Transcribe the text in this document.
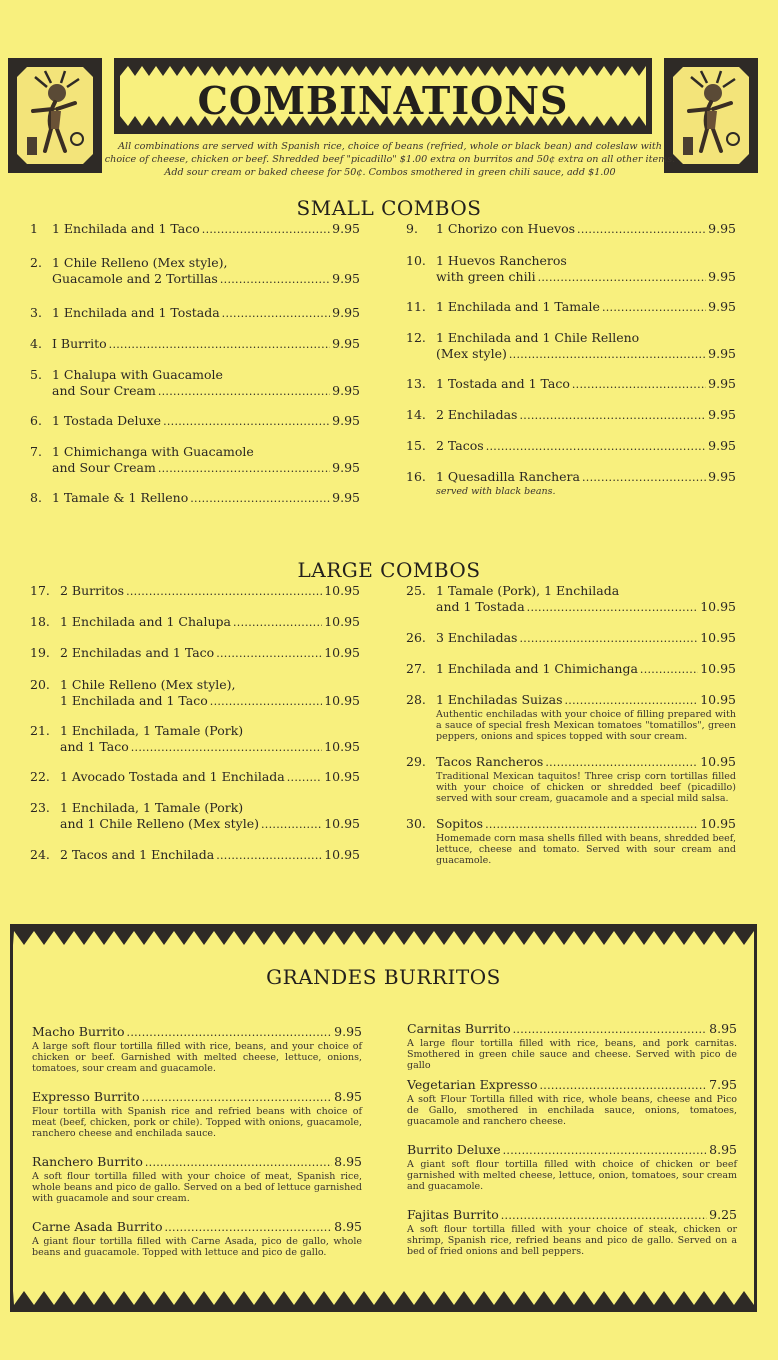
COMBINATIONS
All combinations are served with Spanish rice, choice of beans (refried, whole or black bean) and coleslaw with
choice of cheese, chicken or beef. Shredded beef "picadillo" $1.00 extra on burritos and 50¢ extra on all other items.
Add sour cream or baked cheese for 50¢. Combos smothered in green chili sauce, add $1.00
SMALL COMBOS
1 1 Enchilada and 1 Taco . . .	9.95
2. 1 Chile Relleno (Mex style),
Guacamole and 2 Tortillas . . .	9.95
3. 1 Enchilada and 1 Tostada . . .	9.95
4. I Burrito . . .	9.95
5. 1 Chalupa with Guacamole
and Sour Cream . . .	9.95
6. 1 Tostada Deluxe . . .	9.95
7. 1 Chimichanga with Guacamole
and Sour Cream . . .	9.95
8. 1 Tamale & 1 Relleno . . .	9.95
9. 1 Chorizo con Huevos . . .	9.95
10. 1 Huevos Rancheros
with green chili . . .	9.95
11. 1 Enchilada and 1 Tamale . . .	9.95
12. 1 Enchilada and 1 Chile Relleno
(Mex style) . . .	9.95
13. 1 Tostada and 1 Taco . . .	9.95
14. 2 Enchiladas . . .	9.95
15. 2 Tacos . . .	9.95
16. 1 Quesadilla Ranchera . . .	9.95
served with black beans.
LARGE COMBOS
17. 2 Burritos . . .	10.95
18. 1 Enchilada and 1 Chalupa . . .	10.95
19. 2 Enchiladas and 1 Taco . . .	10.95
20. 1 Chile Relleno (Mex style),
1 Enchilada and 1 Taco . . .	10.95
21. 1 Enchilada, 1 Tamale (Pork)
and 1 Taco . . .	10.95
22. 1 Avocado Tostada and 1 Enchilada . . .	10.95
23. 1 Enchilada, 1 Tamale (Pork)
and 1 Chile Relleno (Mex style) . . .	10.95
24. 2 Tacos and 1 Enchilada . . .	10.95
25. 1 Tamale (Pork), 1 Enchilada
and 1 Tostada . . .	10.95
26. 3 Enchiladas . . .	10.95
27. 1 Enchilada and 1 Chimichanga . . .	10.95
28. 1 Enchiladas Suizas . . .	10.95
Authentic enchiladas with your choice of filling prepared with a sauce of special fresh Mexican tomatoes "tomatillos", green peppers, onions and spices topped with sour cream.
29. Tacos Rancheros . . .	10.95
Traditional Mexican taquitos! Three crisp corn tortillas filled with your choice of chicken or shredded beef (picadillo) served with sour cream, guacamole and a special mild salsa.
30. Sopitos . . .	10.95
Homemade corn masa shells filled with beans, shredded beef, lettuce, cheese and tomato. Served with sour cream and guacamole.
GRANDES BURRITOS
Macho Burrito . . .	9.95
A large soft flour tortilla filled with rice, beans, and your choice of chicken or beef. Garnished with melted cheese, lettuce, onions, tomatoes, sour cream and guacamole.
Expresso Burrito . . .	8.95
Flour tortilla with Spanish rice and refried beans with choice of meat (beef, chicken, pork or chile). Topped with onions, guacamole, ranchero cheese and enchilada sauce.
Ranchero Burrito . . .	8.95
A soft flour tortilla filled with your choice of meat, Spanish rice, whole beans and pico de gallo. Served on a bed of lettuce garnished with guacamole and sour cream.
Carne Asada Burrito . . .	8.95
A giant flour tortilla filled with Carne Asada, pico de gallo, whole beans and guacamole. Topped with lettuce and pico de gallo.
Carnitas Burrito . . .	8.95
A large flour tortilla filled with rice, beans, and pork carnitas. Smothered in green chile sauce and cheese. Served with pico de gallo
Vegetarian Expresso . . .	7.95
A soft Flour Tortilla filled with rice, whole beans, cheese and Pico de Gallo, smothered in enchilada sauce, onions, tomatoes, guacamole and ranchero cheese.
Burrito Deluxe . . .	8.95
A giant soft flour tortilla filled with choice of chicken or beef garnished with melted cheese, lettuce, onion, tomatoes, sour cream and guacamole.
Fajitas Burrito . . .	9.25
A soft flour tortilla filled with your choice of steak, chicken or shrimp, Spanish rice, refried beans and pico de gallo. Served on a bed of fried onions and bell peppers.
